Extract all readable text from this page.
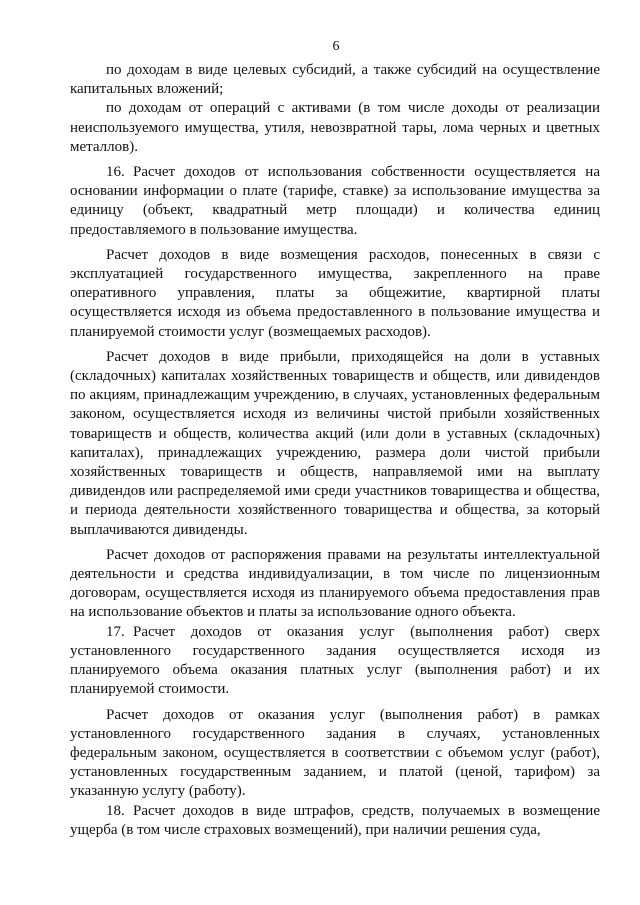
6

по доходам в виде целевых субсидий, а также субсидий на осуществление капитальных вложений;

по доходам от операций с активами (в том числе доходы от реализации неиспользуемого имущества, утиля, невозвратной тары, лома черных и цветных металлов).

16. Расчет доходов от использования собственности осуществляется на основании информации о плате (тарифе, ставке) за использование имущества за единицу (объект, квадратный метр площади) и количества единиц предоставляемого в пользование имущества.

Расчет доходов в виде возмещения расходов, понесенных в связи с эксплуатацией государственного имущества, закрепленного на праве оперативного управления, платы за общежитие, квартирной платы осуществляется исходя из объема предоставленного в пользование имущества и планируемой стоимости услуг (возмещаемых расходов).

Расчет доходов в виде прибыли, приходящейся на доли в уставных (складочных) капиталах хозяйственных товариществ и обществ, или дивидендов по акциям, принадлежащим учреждению, в случаях, установленных федеральным законом, осуществляется исходя из величины чистой прибыли хозяйственных товариществ и обществ, количества акций (или доли в уставных (складочных) капиталах), принадлежащих учреждению, размера доли чистой прибыли хозяйственных товариществ и обществ, направляемой ими на выплату дивидендов или распределяемой ими среди участников товарищества и общества, и периода деятельности хозяйственного товарищества и общества, за который выплачиваются дивиденды.

Расчет доходов от распоряжения правами на результаты интеллектуальной деятельности и средства индивидуализации, в том числе по лицензионным договорам, осуществляется исходя из планируемого объема предоставления прав на использование объектов и платы за использование одного объекта.

17. Расчет доходов от оказания услуг (выполнения работ) сверх установленного государственного задания осуществляется исходя из планируемого объема оказания платных услуг (выполнения работ) и их планируемой стоимости.

Расчет доходов от оказания услуг (выполнения работ) в рамках установленного государственного задания в случаях, установленных федеральным законом, осуществляется в соответствии с объемом услуг (работ), установленных государственным заданием, и платой (ценой, тарифом) за указанную услугу (работу).

18. Расчет доходов в виде штрафов, средств, получаемых в возмещение ущерба (в том числе страховых возмещений), при наличии решения суда,
